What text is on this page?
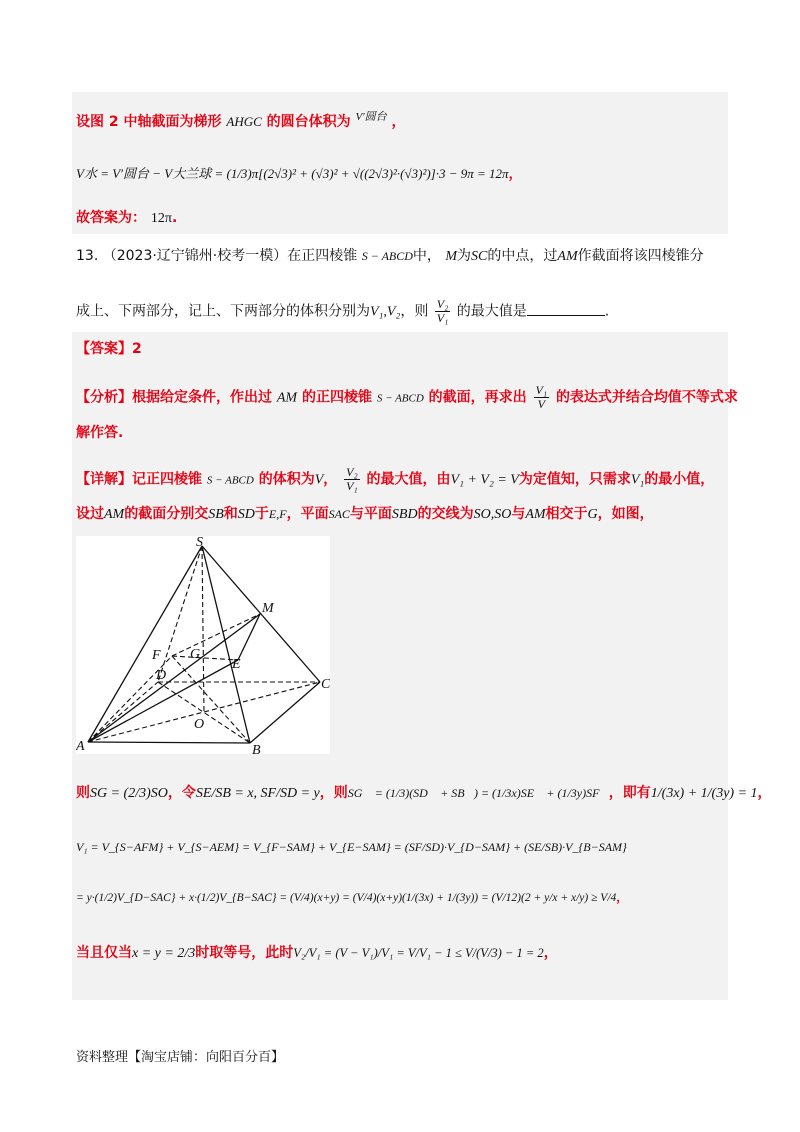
设图 2 中轴截面为梯形 AHGC 的圆台体积为 $^{V'圆台}$ ，
V水 = V′圆台 − V大兰球 = (1/3)π[(2√3)² + (√3)² + √((2√3)²·(√3)²)]·3 − 9π = 12π，
故答案为： 12π.
13. （2023·辽宁锦州·校考一模）在正四棱锥 S − ABCD中， M为SC的中点，过AM作截面将该四棱锥分
成上、下两部分，记上、下两部分的体积分别为V₁,V₂，则 $\frac{\text{V₂}}{\text{V₁}}$ 的最大值是	.
【答案】2
【分析】根据给定条件，作出过 AM 的正四棱锥 S − ABCD 的截面，再求出 $\frac{\text{V₁}}{V}$ 的表达式并结合均值不等式求
解作答.
【详解】记正四棱锥 S − ABCD 的体积为V， $\frac{\text{V₂}}{\text{V₁}}$ 的最大值，由V₁ + V₂ = V为定值知，只需求V₁的最小值，
设过AM的截面分别交SB和SD于E,F，平面SAC与平面SBD的交线为SO,SO与AM相交于G，如图，
S
M
F G
E
D
C
O
A	B
则SG = (2/3)SO，令SE/SB = x, SF/SD = y，则SG⃗ = (1/3)(SD⃗ + SB⃗) = (1/3x)SE⃗ + (1/3y)SF⃗，即有1/(3x) + 1/(3y) = 1，
V₁ = V_{S−AFM} + V_{S−AEM} = V_{F−SAM} + V_{E−SAM} = (SF/SD)·V_{D−SAM} + (SE/SB)·V_{B−SAM}
= y·(1/2)V_{D−SAC} + x·(1/2)V_{B−SAC} = (V/4)(x+y) = (V/4)(x+y)(1/(3x) + 1/(3y)) = (V/12)(2 + y/x + x/y) ≥ V/4，
当且仅当x = y = 2/3时取等号，此时V₂/V₁ = (V − V₁)/V₁ = V/V₁ − 1 ≤ V/(V/3) − 1 = 2，
资料整理【淘宝店铺：向阳百分百】
